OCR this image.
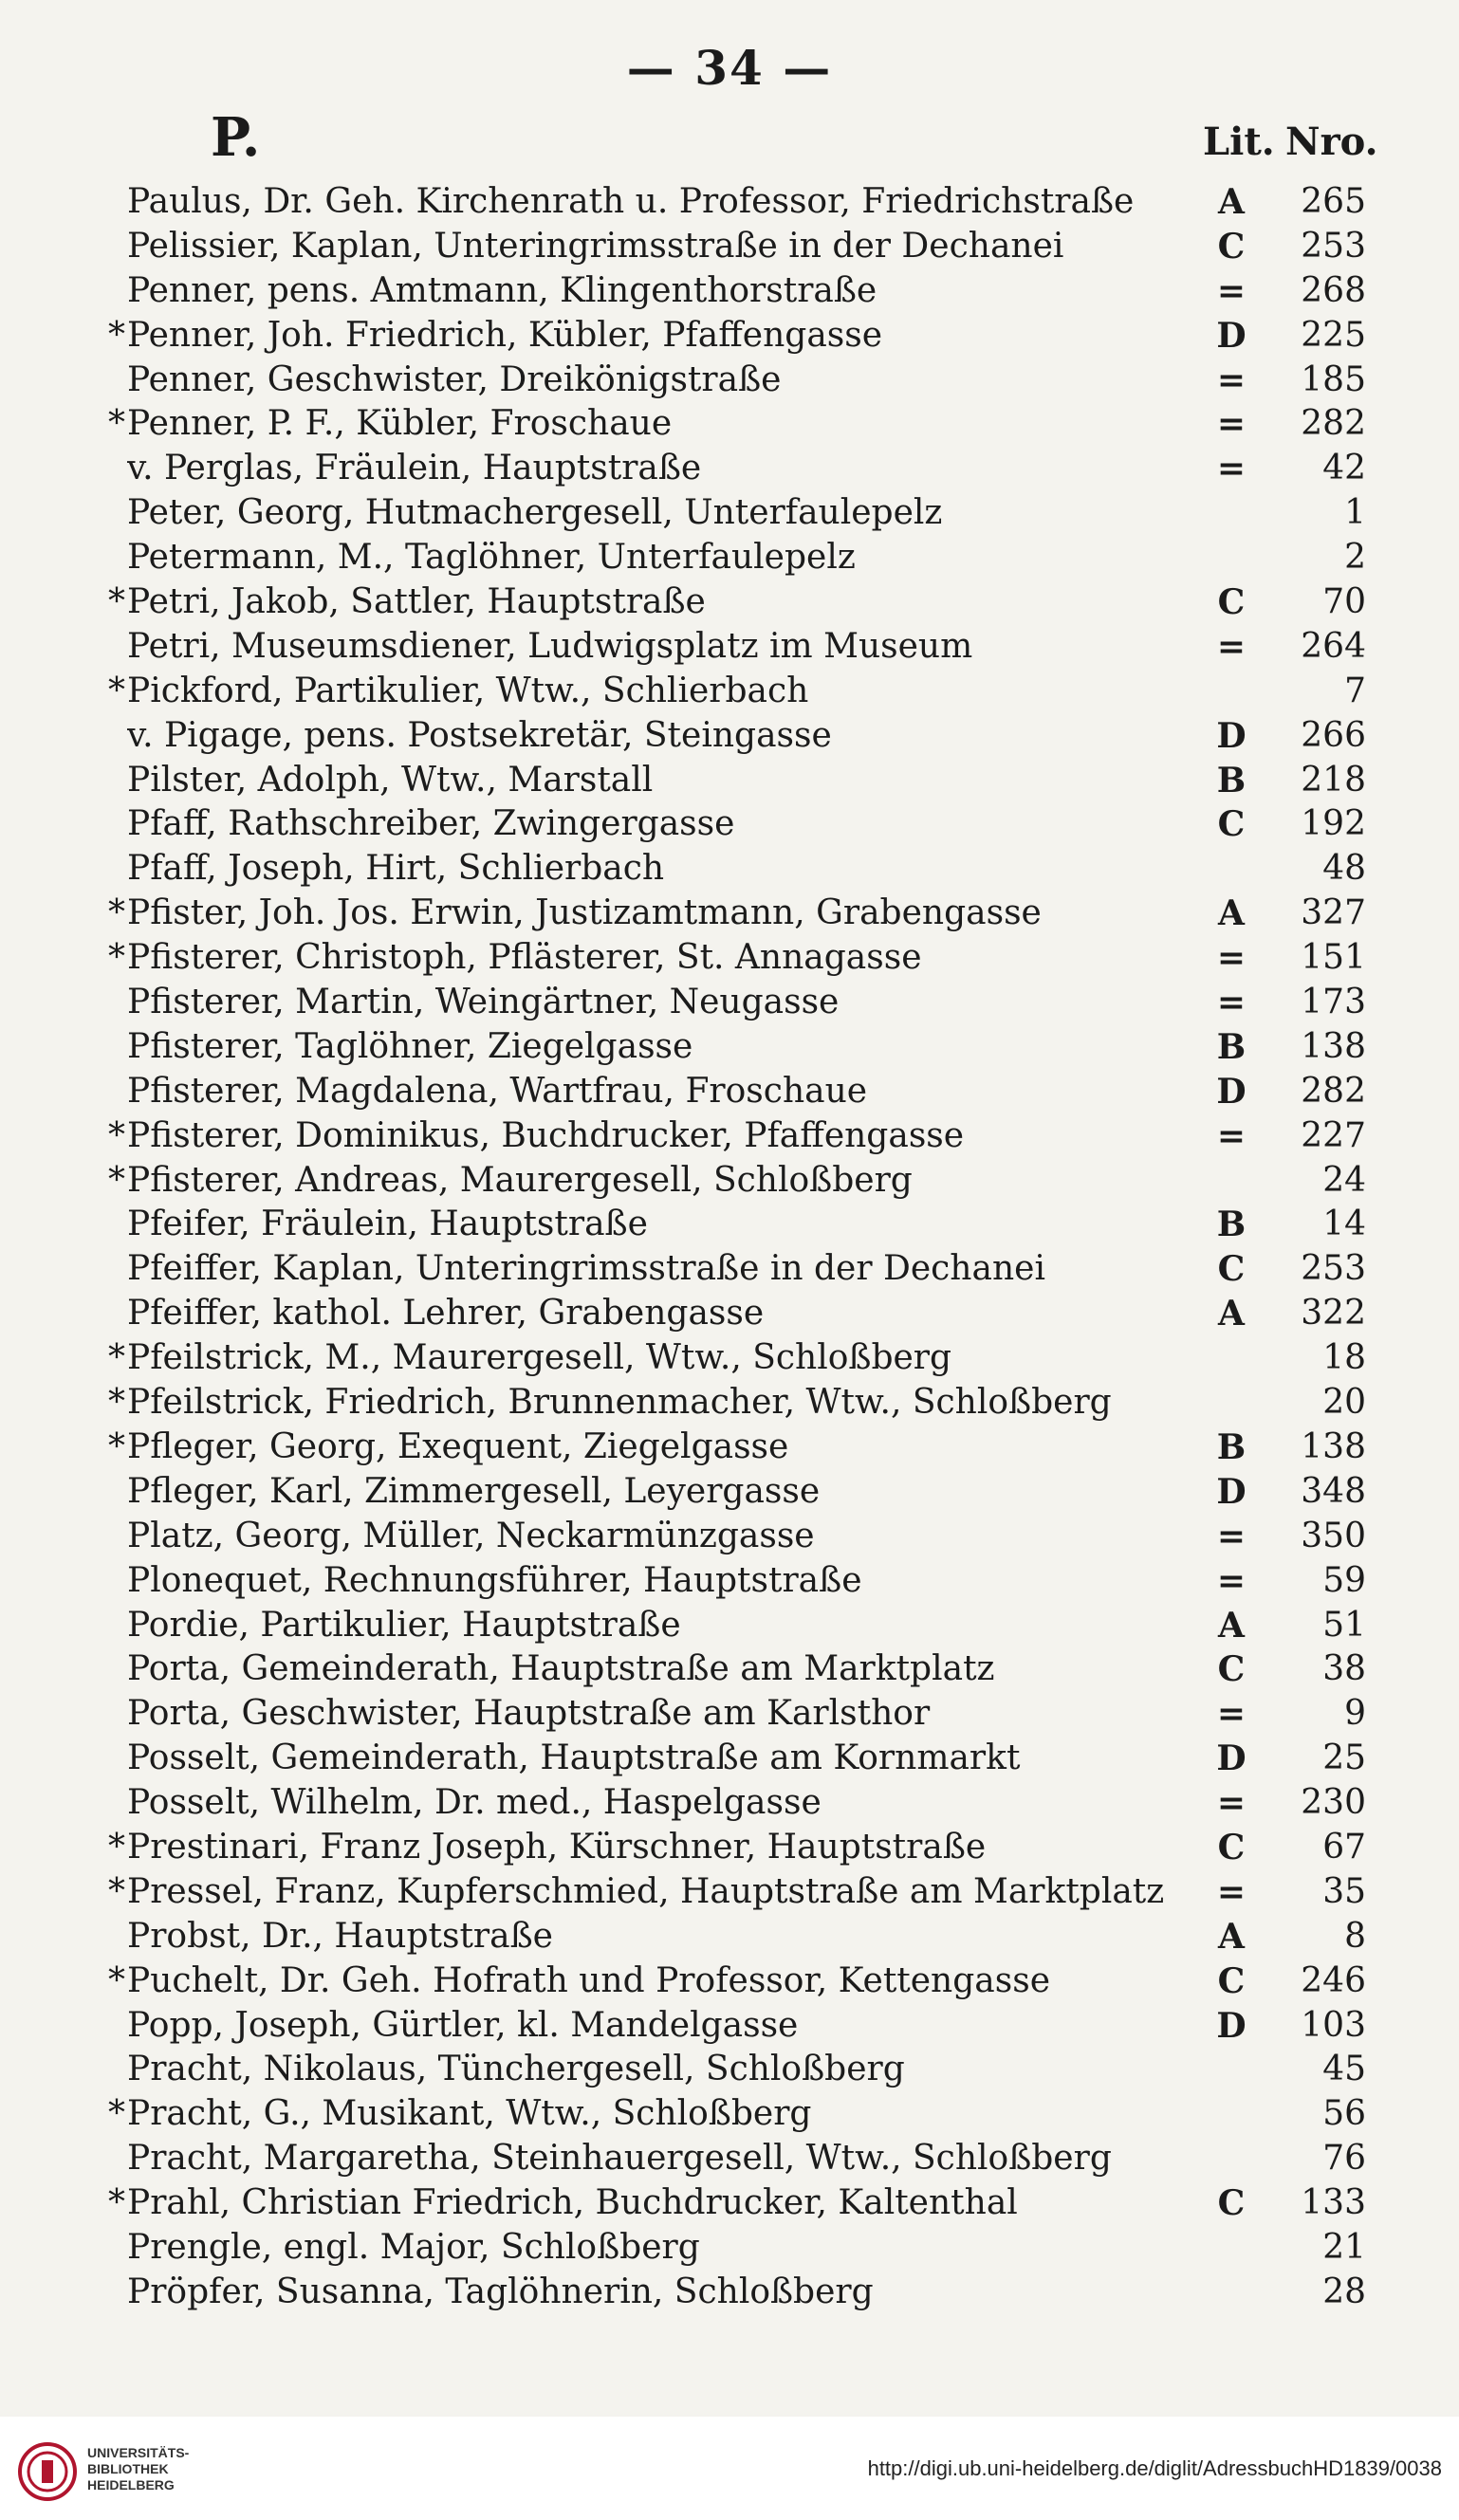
— 34 —
P.	Lit. Nro.
Paulus, Dr. Geh. Kirchenrath u. Professor, Friedrichstraße	A	265
Pelissier, Kaplan, Unteringrimsstraße in der Dechanei	C	253
Penner, pens. Amtmann, Klingenthorstraße	=	268
* Penner, Joh. Friedrich, Kübler, Pfaffengasse	D	225
Penner, Geschwister, Dreikönigstraße	=	185
* Penner, P. F., Kübler, Froschaue	=	282
v. Perglas, Fräulein, Hauptstraße	=	42
Peter, Georg, Hutmachergesell, Unterfaulepelz	1
Petermann, M., Taglöhner, Unterfaulepelz	2
* Petri, Jakob, Sattler, Hauptstraße	C	70
Petri, Museumsdiener, Ludwigsplatz im Museum	=	264
* Pickford, Partikulier, Wtw., Schlierbach	7
v. Pigage, pens. Postsekretär, Steingasse	D	266
Pilster, Adolph, Wtw., Marstall	B	218
Pfaff, Rathschreiber, Zwingergasse	C	192
Pfaff, Joseph, Hirt, Schlierbach	48
* Pfister, Joh. Jos. Erwin, Justizamtmann, Grabengasse	A	327
* Pfisterer, Christoph, Pflästerer, St. Annagasse	=	151
Pfisterer, Martin, Weingärtner, Neugasse	=	173
Pfisterer, Taglöhner, Ziegelgasse	B	138
Pfisterer, Magdalena, Wartfrau, Froschaue	D	282
* Pfisterer, Dominikus, Buchdrucker, Pfaffengasse	=	227
* Pfisterer, Andreas, Maurergesell, Schloßberg	24
Pfeifer, Fräulein, Hauptstraße	B	14
Pfeiffer, Kaplan, Unteringrimsstraße in der Dechanei	C	253
Pfeiffer, kathol. Lehrer, Grabengasse	A	322
* Pfeilstrick, M., Maurergesell, Wtw., Schloßberg	18
* Pfeilstrick, Friedrich, Brunnenmacher, Wtw., Schloßberg	20
* Pfleger, Georg, Exequent, Ziegelgasse	B	138
Pfleger, Karl, Zimmergesell, Leyergasse	D	348
Platz, Georg, Müller, Neckarmünzgasse	=	350
Plonequet, Rechnungsführer, Hauptstraße	=	59
Pordie, Partikulier, Hauptstraße	A	51
Porta, Gemeinderath, Hauptstraße am Marktplatz	C	38
Porta, Geschwister, Hauptstraße am Karlsthor	=	9
Posselt, Gemeinderath, Hauptstraße am Kornmarkt	D	25
Posselt, Wilhelm, Dr. med., Haspelgasse	=	230
* Prestinari, Franz Joseph, Kürschner, Hauptstraße	C	67
* Pressel, Franz, Kupferschmied, Hauptstraße am Marktplatz	=	35
Probst, Dr., Hauptstraße	A	8
* Puchelt, Dr. Geh. Hofrath und Professor, Kettengasse	C	246
Popp, Joseph, Gürtler, kl. Mandelgasse	D	103
Pracht, Nikolaus, Tünchergesell, Schloßberg	45
* Pracht, G., Musikant, Wtw., Schloßberg	56
Pracht, Margaretha, Steinhauergesell, Wtw., Schloßberg	76
* Prahl, Christian Friedrich, Buchdrucker, Kaltenthal	C	133
Prengle, engl. Major, Schloßberg	21
Pröpfer, Susanna, Taglöhnerin, Schloßberg	28
UNIVERSITÄTS-
BIBLIOTHEK
HEIDELBERG
http://digi.ub.uni-heidelberg.de/diglit/AdressbuchHD1839/0038
